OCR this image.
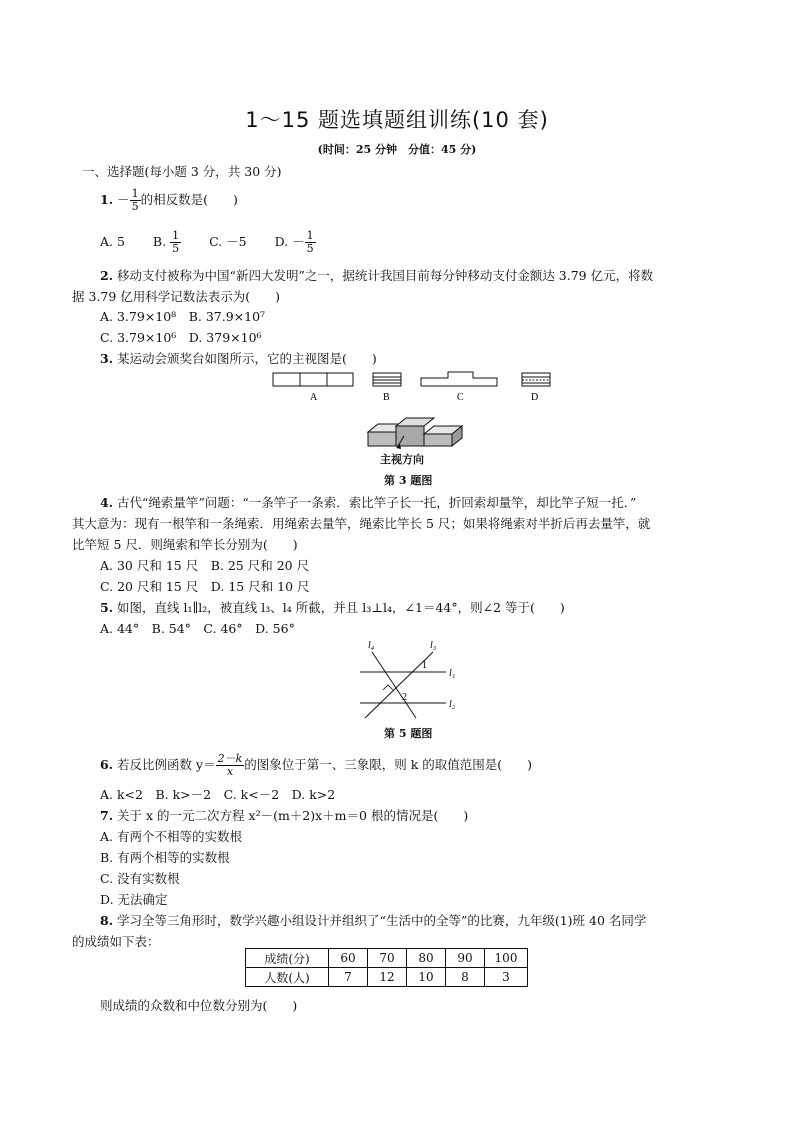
1～15 题选填题组训练(10 套)
(时间：25 分钟　分值：45 分)
一、选择题(每小题 3 分，共 30 分)
1. － $\frac{1}{5}$ 的相反数是(　　)
A. 5 B. $\frac{1}{5} C$. －5 D. － $\frac{1}{5}$
2. 移动支付被称为中国“新四大发明”之一，据统计我国目前每分钟移动支付金额达 3.79 亿元，将数
据 3.79 亿用科学记数法表示为(　　)
A. 3.79×10⁸　B. 37.9×10⁷
C. 3.79×10⁶　D. 379×10⁶
3. 某运动会颁奖台如图所示，它的主视图是(　　)
A	B	C	D
主视方向
第 3 题图
4. 古代“绳索量竿”问题：“一条竿子一条索．索比竿子长一托，折回索却量竿，却比竿子短一托．”
其大意为：现有一根竿和一条绳索．用绳索去量竿，绳索比竿长 5 尺；如果将绳索对半折后再去量竿，就
比竿短 5 尺．则绳索和竿长分别为(　　)
A. 30 尺和 15 尺　B. 25 尺和 20 尺
C. 20 尺和 15 尺　D. 15 尺和 10 尺
5. 如图，直线 l₁∥l₂，被直线 l₃、l₄ 所截，并且 l₃⊥l₄，∠1＝44°，则∠2 等于(　　)
A. 44°　B. 54°　C. 46°　D. 56°
l₄	l₃
l₁
l₂
1
2
第 5 题图
6. 若反比例函数 $y= \frac{2-k}{x}$ 的图象位于第一、三象限，则 k 的取值范围是(　　)
A. k<2　B. k>－2　C. k<－2　D. k>2
7. 关于 x 的一元二次方程 x²－(m＋2)x＋m＝0 根的情况是(　　)
A. 有两个不相等的实数根
B. 有两个相等的实数根
C. 没有实数根
D. 无法确定
8. 学习全等三角形时，数学兴趣小组设计并组织了“生活中的全等”的比赛，九年级(1)班 40 名同学
的成绩如下表：
成绩(分)	60	70	80	90	100
人数(人)	7	12	10	8	3
则成绩的众数和中位数分别为(　　)
